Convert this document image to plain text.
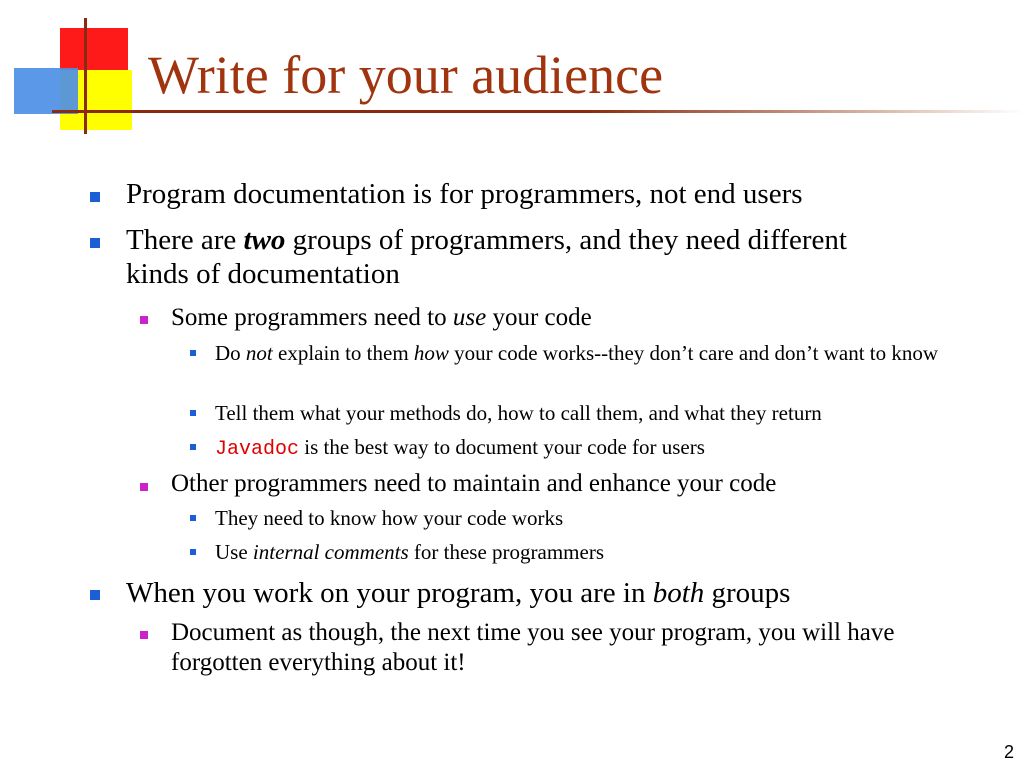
Write for your audience
Program documentation is for programmers, not end users
There are two groups of programmers, and they need different kinds of documentation
Some programmers need to use your code
Do not explain to them how your code works--they don’t care and don’t want to know
Tell them what your methods do, how to call them, and what they return
Javadoc is the best way to document your code for users
Other programmers need to maintain and enhance your code
They need to know how your code works
Use internal comments for these programmers
When you work on your program, you are in both groups
Document as though, the next time you see your program, you will have forgotten everything about it!
2
